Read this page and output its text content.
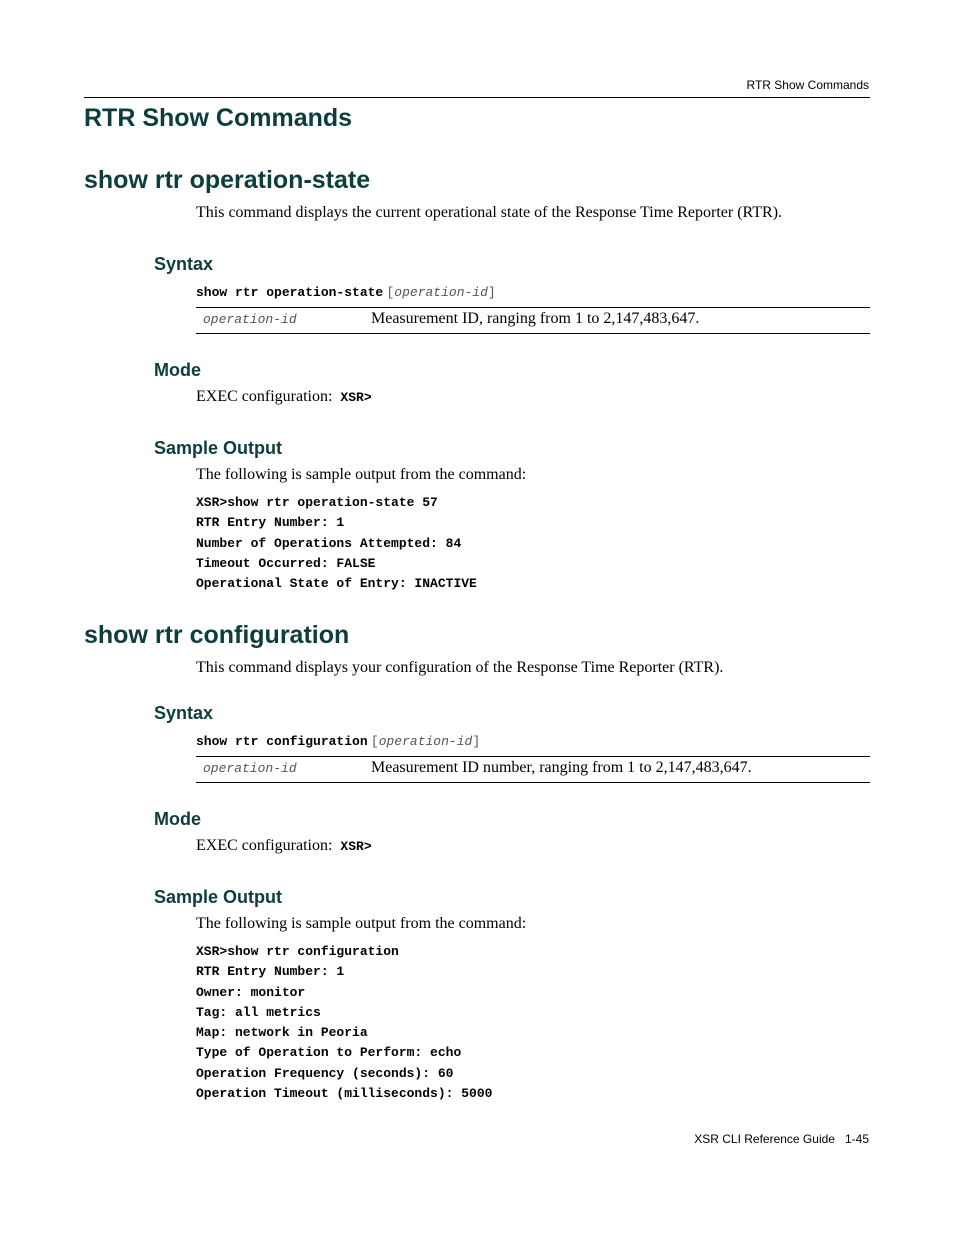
RTR Show Commands
RTR Show Commands
show rtr operation-state
This command displays the current operational state of the Response Time Reporter (RTR).
Syntax
show rtr operation-state [operation-id]
operation-id	Measurement ID, ranging from 1 to 2,147,483,647.
Mode
EXEC configuration: XSR>
Sample Output
The following is sample output from the command:
XSR>show rtr operation-state 57
RTR Entry Number: 1
Number of Operations Attempted: 84
Timeout Occurred: FALSE
Operational State of Entry: INACTIVE
show rtr configuration
This command displays your configuration of the Response Time Reporter (RTR).
Syntax
show rtr configuration [operation-id]
operation-id	Measurement ID number, ranging from 1 to 2,147,483,647.
Mode
EXEC configuration: XSR>
Sample Output
The following is sample output from the command:
XSR>show rtr configuration
RTR Entry Number: 1
Owner: monitor
Tag: all metrics
Map: network in Peoria
Type of Operation to Perform: echo
Operation Frequency (seconds): 60
Operation Timeout (milliseconds): 5000
XSR CLI Reference Guide 1-45
